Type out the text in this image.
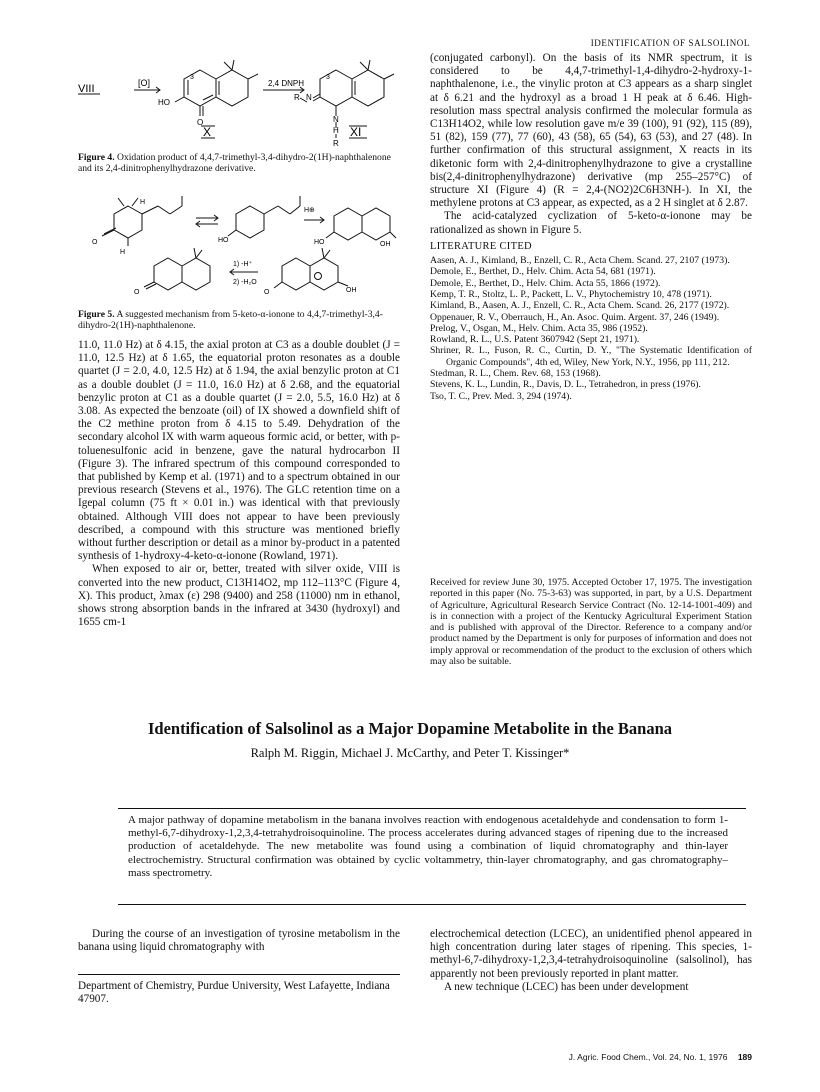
IDENTIFICATION OF SALSOLINOL
VIII	[O]
3
HO
O
X
2,4 DNPH
3
N
R
N
H
R
XI
Figure 4. Oxidation product of 4,4,7-trimethyl-3,4-dihydro-2(1H)-naphthalenone and its 2,4-dinitrophenylhydrazone derivative.
H
O
H
HO
H⊕
HO	OH
O
1) -H⁺
2) -H₂O
O	OH
Figure 5. A suggested mechanism from 5-keto-α-ionone to 4,4,7-trimethyl-3,4-dihydro-2(1H)-naphthalenone.

11.0, 11.0 Hz) at δ 4.15, the axial proton at C3 as a double doublet (J = 11.0, 12.5 Hz) at δ 1.65, the equatorial proton resonates as a double quartet (J = 2.0, 4.0, 12.5 Hz) at δ 1.94, the axial benzylic proton at C1 as a double doublet (J = 11.0, 16.0 Hz) at δ 2.68, and the equatorial benzylic proton at C1 as a double quartet (J = 2.0, 5.5, 16.0 Hz) at δ 3.08. As expected the benzoate (oil) of IX showed a downfield shift of the C2 methine proton from δ 4.15 to 5.49. Dehydration of the secondary alcohol IX with warm aqueous formic acid, or better, with p-toluenesulfonic acid in benzene, gave the natural hydrocarbon II (Figure 3). The infrared spectrum of this compound corresponded to that published by Kemp et al. (1971) and to a spectrum obtained in our previous research (Stevens et al., 1976). The GLC retention time on a Igepal column (75 ft × 0.01 in.) was identical with that previously obtained. Although VIII does not appear to have been previously described, a compound with this structure was mentioned briefly without further description or detail as a minor by-product in a patented synthesis of 1-hydroxy-4-keto-α-ionone (Rowland, 1971).

When exposed to air or, better, treated with silver oxide, VIII is converted into the new product, C13H14O2, mp 112–113°C (Figure 4, X). This product, λmax (ε) 298 (9400) and 258 (11000) nm in ethanol, shows strong absorption bands in the infrared at 3430 (hydroxyl) and 1655 cm-1

(conjugated carbonyl). On the basis of its NMR spectrum, it is considered to be 4,4,7-trimethyl-1,4-dihydro-2-hydroxy-1-naphthalenone, i.e., the vinylic proton at C3 appears as a sharp singlet at δ 6.21 and the hydroxyl as a broad 1 H peak at δ 6.46. High-resolution mass spectral analysis confirmed the molecular formula as C13H14O2, while low resolution gave m/e 39 (100), 91 (92), 115 (89), 51 (82), 159 (77), 77 (60), 43 (58), 65 (54), 63 (53), and 27 (48). In further confirmation of this structural assignment, X reacts in its diketonic form with 2,4-dinitrophenylhydrazone to give a crystalline bis(2,4-dinitrophenylhydrazone) derivative (mp 255–257°C) of structure XI (Figure 4) (R = 2,4-(NO2)2C6H3NH-). In XI, the methylene protons at C3 appear, as expected, as a 2 H singlet at δ 2.87.

The acid-catalyzed cyclization of 5-keto-α-ionone may be rationalized as shown in Figure 5.

LITERATURE CITED

Aasen, A. J., Kimland, B., Enzell, C. R., Acta Chem. Scand. 27, 2107 (1973).

Demole, E., Berthet, D., Helv. Chim. Acta 54, 681 (1971).

Demole, E., Berthet, D., Helv. Chim. Acta 55, 1866 (1972).

Kemp, T. R., Stoltz, L. P., Packett, L. V., Phytochemistry 10, 478 (1971).

Kimland, B., Aasen, A. J., Enzell, C. R., Acta Chem. Scand. 26, 2177 (1972).

Oppenauer, R. V., Oberrauch, H., An. Asoc. Quim. Argent. 37, 246 (1949).

Prelog, V., Osgan, M., Helv. Chim. Acta 35, 986 (1952).

Rowland, R. L., U.S. Patent 3607942 (Sept 21, 1971).

Shriner, R. L., Fuson, R. C., Curtin, D. Y., "The Systematic Identification of Organic Compounds", 4th ed, Wiley, New York, N.Y., 1956, pp 111, 212.

Stedman, R. L., Chem. Rev. 68, 153 (1968).

Stevens, K. L., Lundin, R., Davis, D. L., Tetrahedron, in press (1976).

Tso, T. C., Prev. Med. 3, 294 (1974).

Received for review June 30, 1975. Accepted October 17, 1975. The investigation reported in this paper (No. 75-3-63) was supported, in part, by a U.S. Department of Agriculture, Agricultural Research Service Contract (No. 12-14-1001-409) and is in connection with a project of the Kentucky Agricultural Experiment Station and is published with approval of the Director. Reference to a company and/or product named by the Department is only for purposes of information and does not imply approval or recommendation of the product to the exclusion of others which may also be suitable.
Identification of Salsolinol as a Major Dopamine Metabolite in the Banana
Ralph M. Riggin, Michael J. McCarthy, and Peter T. Kissinger*
A major pathway of dopamine metabolism in the banana involves reaction with endogenous acetaldehyde and condensation to form 1-methyl-6,7-dihydroxy-1,2,3,4-tetrahydroisoquinoline. The process accelerates during advanced stages of ripening due to the increased production of acetaldehyde. The new metabolite was found using a combination of liquid chromatography and thin-layer electrochemistry. Structural confirmation was obtained by cyclic voltammetry, thin-layer chromatography, and gas chromatography–mass spectrometry.
During the course of an investigation of tyrosine metabolism in the banana using liquid chromatography with
Department of Chemistry, Purdue University, West Lafayette, Indiana 47907.

electrochemical detection (LCEC), an unidentified phenol appeared in high concentration during later stages of ripening. This species, 1-methyl-6,7-dihydroxy-1,2,3,4-tetrahydroisoquinoline (salsolinol), has apparently not been previously reported in plant matter.

A new technique (LCEC) has been under development

J. Agric. Food Chem., Vol. 24, No. 1, 1976 189
